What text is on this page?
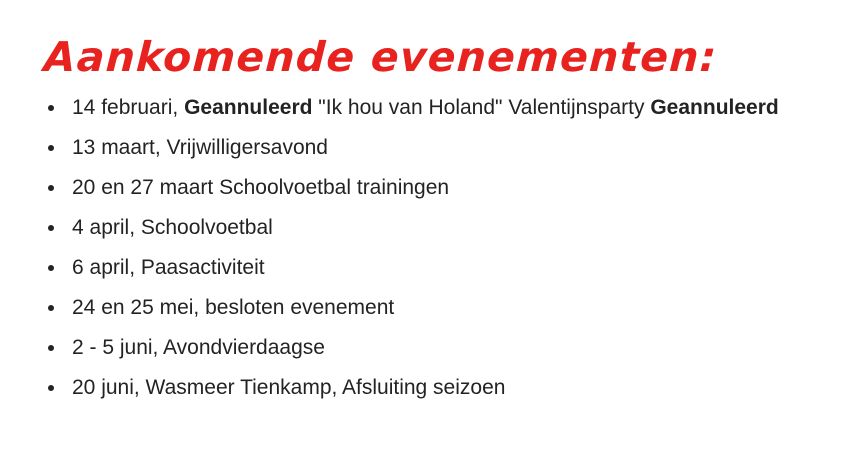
Aankomende evenementen:
14 februari, Geannuleerd "Ik hou van Holand" Valentijnsparty Geannuleerd
13 maart, Vrijwilligersavond
20 en 27 maart Schoolvoetbal trainingen
4 april, Schoolvoetbal
6 april, Paasactiviteit
24 en 25 mei, besloten evenement
2 - 5 juni, Avondvierdaagse
20 juni, Wasmeer Tienkamp, Afsluiting seizoen
